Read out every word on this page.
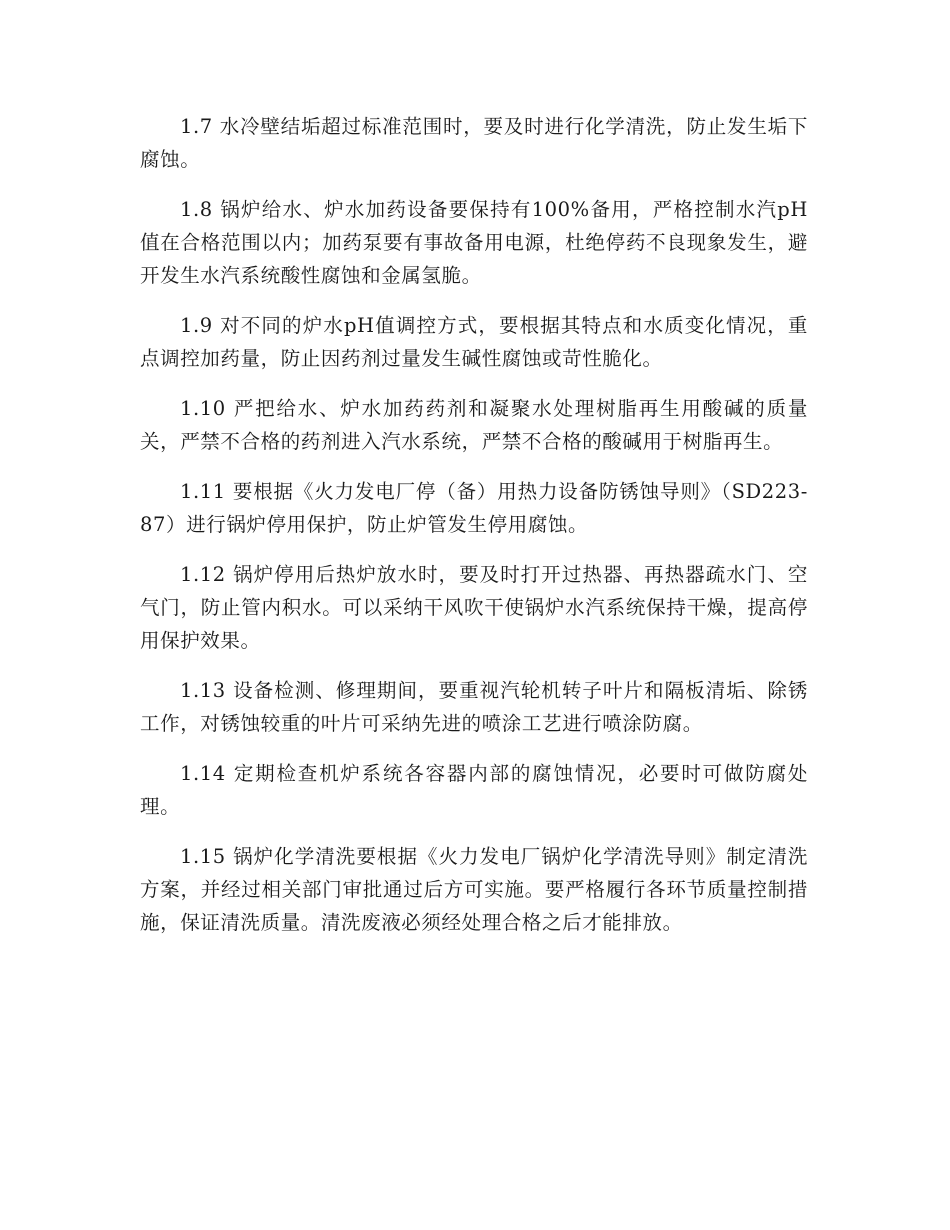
1.7 水冷壁结垢超过标准范围时，要及时进行化学清洗，防止发生垢下腐蚀。

1.8 锅炉给水、炉水加药设备要保持有100%备用，严格控制水汽pH值在合格范围以内；加药泵要有事故备用电源，杜绝停药不良现象发生，避开发生水汽系统酸性腐蚀和金属氢脆。

1.9 对不同的炉水pH值调控方式，要根据其特点和水质变化情况，重点调控加药量，防止因药剂过量发生碱性腐蚀或苛性脆化。

1.10 严把给水、炉水加药药剂和凝聚水处理树脂再生用酸碱的质量关，严禁不合格的药剂进入汽水系统，严禁不合格的酸碱用于树脂再生。

1.11 要根据《火力发电厂停（备）用热力设备防锈蚀导则》（SD223-87）进行锅炉停用保护，防止炉管发生停用腐蚀。

1.12 锅炉停用后热炉放水时，要及时打开过热器、再热器疏水门、空气门，防止管内积水。可以采纳干风吹干使锅炉水汽系统保持干燥，提高停用保护效果。

1.13 设备检测、修理期间，要重视汽轮机转子叶片和隔板清垢、除锈工作，对锈蚀较重的叶片可采纳先进的喷涂工艺进行喷涂防腐。

1.14 定期检查机炉系统各容器内部的腐蚀情况，必要时可做防腐处理。

1.15 锅炉化学清洗要根据《火力发电厂锅炉化学清洗导则》制定清洗方案，并经过相关部门审批通过后方可实施。要严格履行各环节质量控制措施，保证清洗质量。清洗废液必须经处理合格之后才能排放。
